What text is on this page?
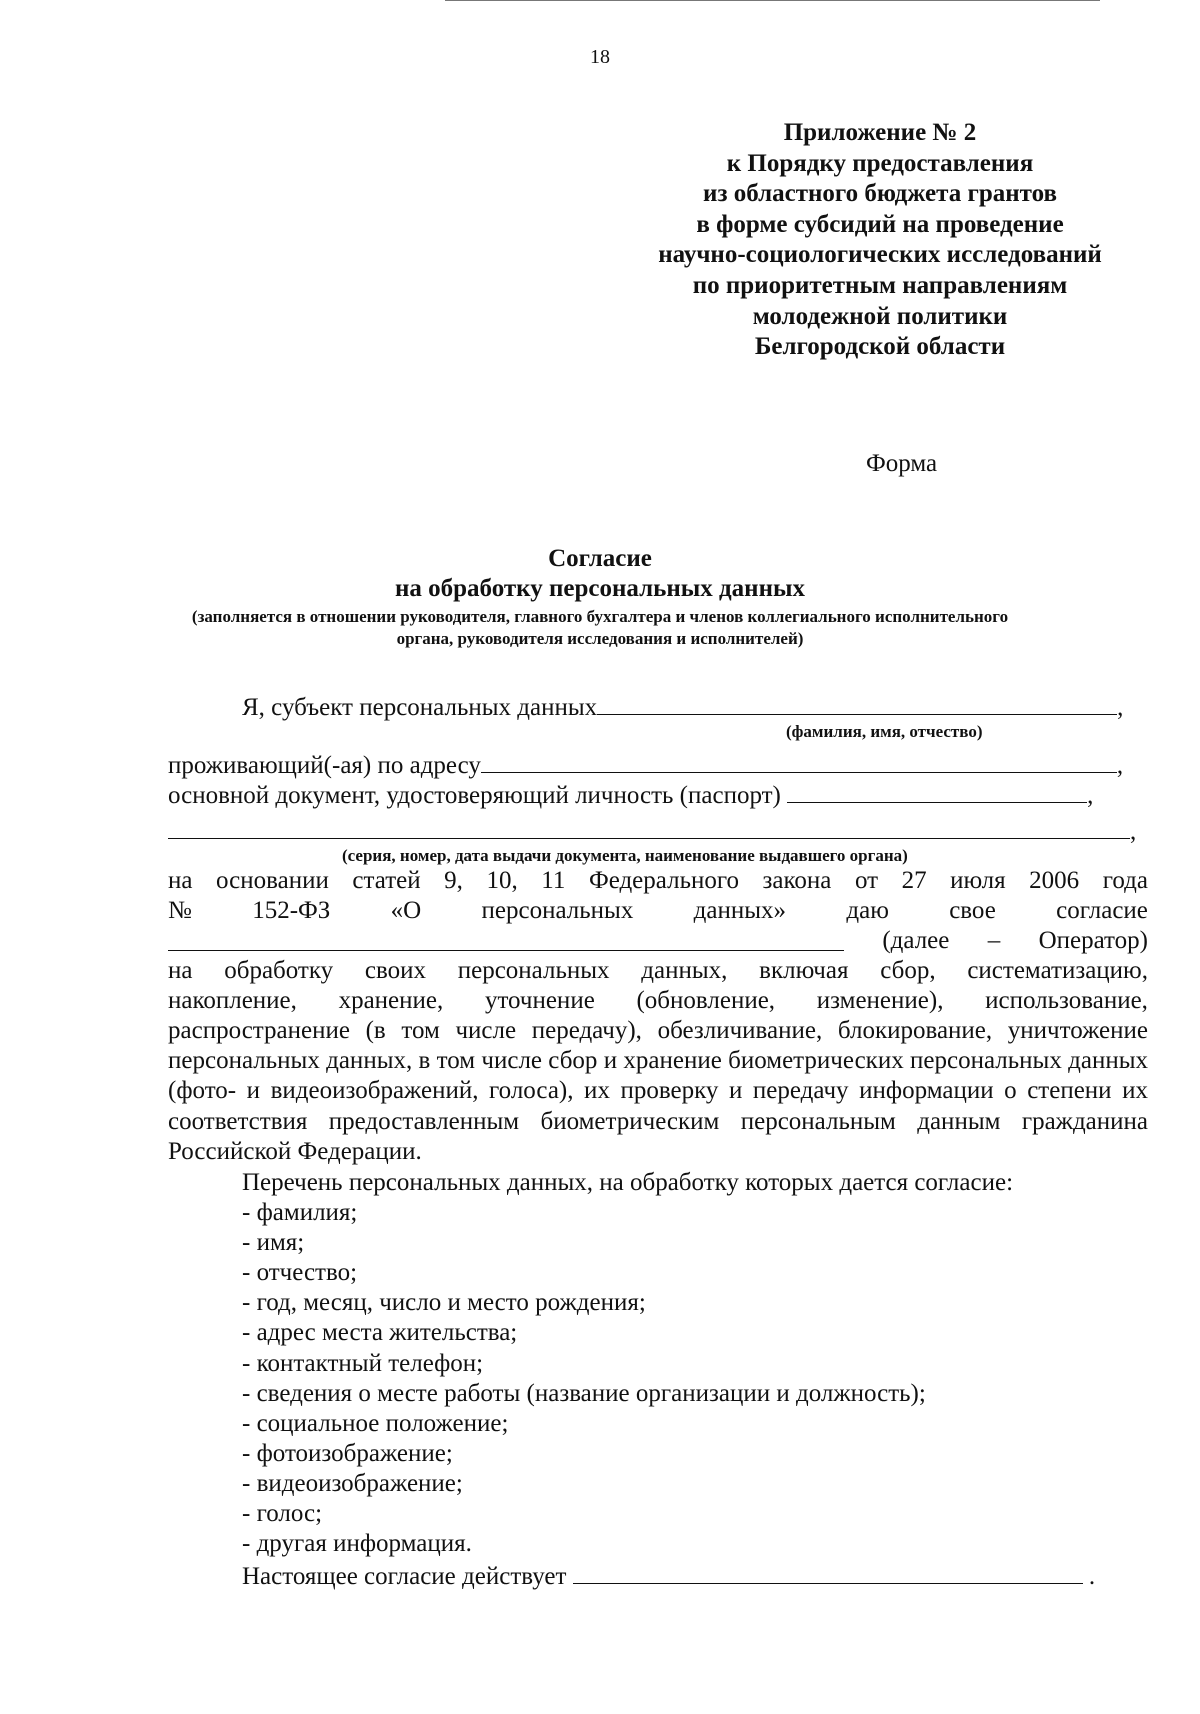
18
Приложение № 2
к Порядку предоставления
из областного бюджета грантов
в форме субсидий на проведение
научно-социологических исследований
по приоритетным направлениям
молодежной политики
Белгородской области
Форма
Согласие
на обработку персональных данных
(заполняется в отношении руководителя, главного бухгалтера и членов коллегиального исполнительного
органа, руководителя исследования и исполнителей)
Я, субъект персональных данных	,
(фамилия, имя, отчество)
проживающий(-ая) по адресу	,
основной документ, удостоверяющий личность (паспорт)	,
,
(серия, номер, дата выдачи документа, наименование выдавшего органа)
на основании статей 9, 10, 11 Федерального закона от 27 июля 2006 года
№ 152-ФЗ «О персональных данных» даю свое согласие
(далее – Оператор)
на обработку своих персональных данных, включая сбор, систематизацию,
накопление, хранение, уточнение (обновление, изменение), использование,
распространение (в том числе передачу), обезличивание, блокирование, уничтожение персональных данных, в том числе сбор и хранение биометрических персональных данных (фото- и видеоизображений, голоса), их проверку и передачу информации о степени их соответствия предоставленным биометрическим персональным данным гражданина Российской Федерации.
Перечень персональных данных, на обработку которых дается согласие:
- фамилия;
- имя;
- отчество;
- год, месяц, число и место рождения;
- адрес места жительства;
- контактный телефон;
- сведения о месте работы (название организации и должность);
- социальное положение;
- фотоизображение;
- видеоизображение;
- голос;
- другая информация.
Настоящее согласие действует	.
